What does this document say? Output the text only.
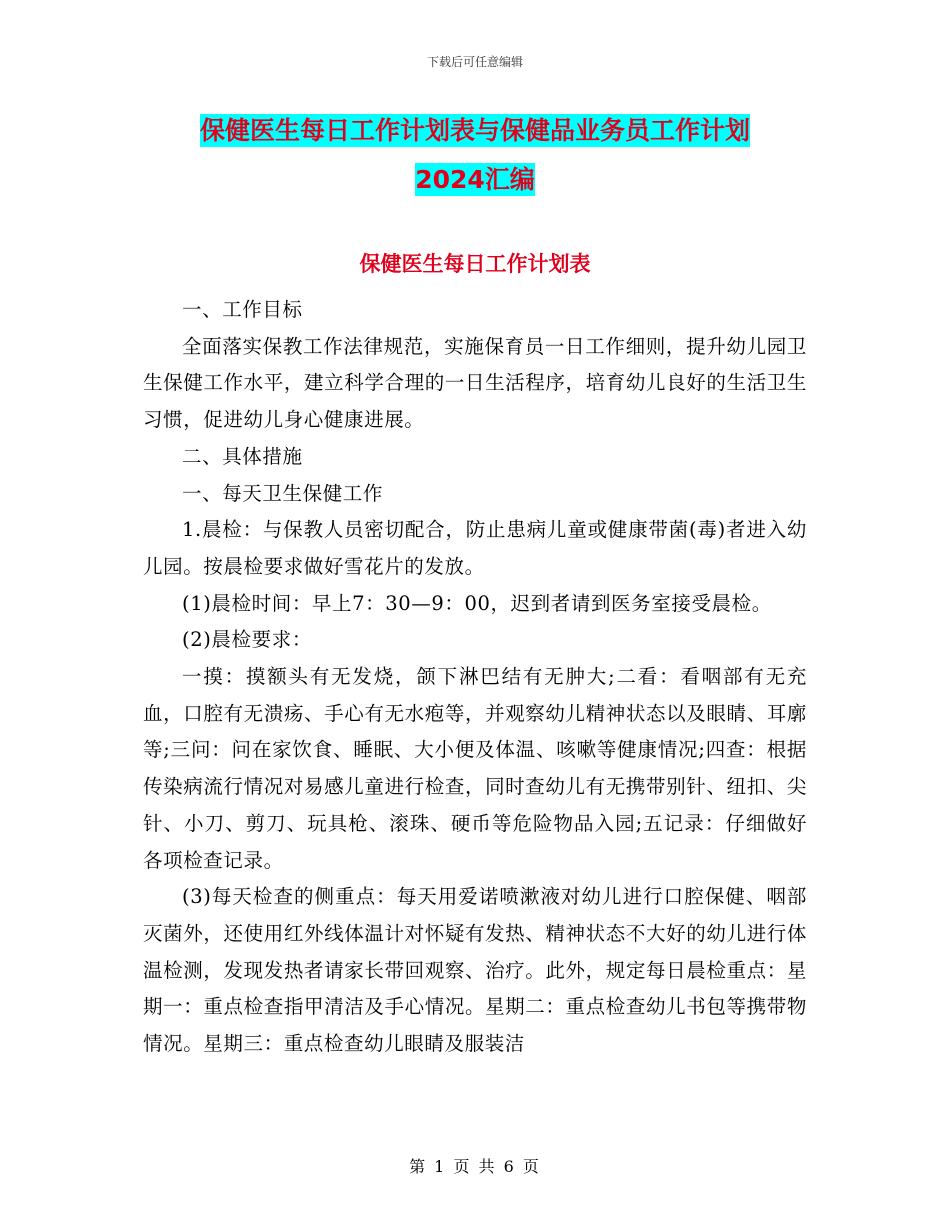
下载后可任意编辑
保健医生每日工作计划表与保健品业务员工作计划
2024汇编
保健医生每日工作计划表

一、工作目标

全面落实保教工作法律规范，实施保育员一日工作细则，提升幼儿园卫生保健工作水平，建立科学合理的一日生活程序，培育幼儿良好的生活卫生习惯，促进幼儿身心健康进展。

二、具体措施

一、每天卫生保健工作

1.晨检：与保教人员密切配合，防止患病儿童或健康带菌(毒)者进入幼儿园。按晨检要求做好雪花片的发放。

(1)晨检时间：早上7：30—9：00，迟到者请到医务室接受晨检。

(2)晨检要求：

一摸：摸额头有无发烧，颌下淋巴结有无肿大;二看：看咽部有无充血，口腔有无溃疡、手心有无水疱等，并观察幼儿精神状态以及眼睛、耳廓等;三问：问在家饮食、睡眠、大小便及体温、咳嗽等健康情况;四查：根据传染病流行情况对易感儿童进行检查，同时查幼儿有无携带别针、纽扣、尖针、小刀、剪刀、玩具枪、滚珠、硬币等危险物品入园;五记录：仔细做好各项检查记录。

(3)每天检查的侧重点：每天用爱诺喷漱液对幼儿进行口腔保健、咽部灭菌外，还使用红外线体温计对怀疑有发热、精神状态不大好的幼儿进行体温检测，发现发热者请家长带回观察、治疗。此外，规定每日晨检重点：星期一：重点检查指甲清洁及手心情况。星期二：重点检查幼儿书包等携带物情况。星期三：重点检查幼儿眼睛及服装洁

第 1 页 共 6 页
